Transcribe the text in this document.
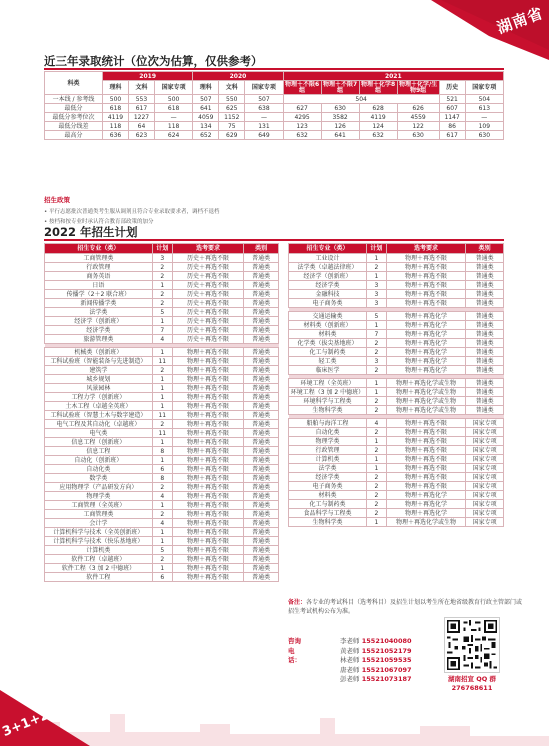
湖南省
3+1+2
近三年录取统计（位次为估算，仅供参考）
科类	2019			2020			2021					
	理科	文科	国家专项	理科	文科	国家专项	物理＋不限6组	物理＋不限7组	物理＋化学8组	物理＋化学/生物9组	历史	国家专项
一本线 / 参考线	500	553	500	507	550	507	504				521	504
最低分	618	617	618	641	625	638	627	630	628	626	607	613
最低分参考位次	4119	1227	—	4059	1152	—	4295	3582	4119	4559	1147	—
最低分线差	118	64	118	134	75	131	123	126	124	122	86	109
最高分	636	623	624	652	629	649	632	641	632	630	617	630
招生政策
• 平行志愿批次普通类考生服从调剂且符合专业录取要求者，调档不退档
• 按档和按专业时承认符合教育部政策的加分
2022 年招生计划
招生专业（类）	计划	选考要求	类别
工商管理类	3	历史＋再选不限	普通类
行政管理	2	历史＋再选不限	普通类
商务英语	2	历史＋再选不限	普通类
日语	1	历史＋再选不限	普通类
传播学（2＋2 联合班）	2	历史＋再选不限	普通类
新闻传播学类	2	历史＋再选不限	普通类
法学类	5	历史＋再选不限	普通类
经济学（创新班）	1	历史＋再选不限	普通类
经济学类	7	历史＋再选不限	普通类
旅游管理类	4	历史＋再选不限	普通类

机械类（创新班）	1	物理＋再选不限	普通类
工科试验班（智能装备与先进制造）	11	物理＋再选不限	普通类
建筑学	2	物理＋再选不限	普通类
城乡规划	1	物理＋再选不限	普通类
风景园林	1	物理＋再选不限	普通类
工程力学（创新班）	1	物理＋再选不限	普通类
土木工程（卓越全英班）	1	物理＋再选不限	普通类
工科试验班（智慧土木与数字建造）	11	物理＋再选不限	普通类
电气工程及其自动化（卓越班）	2	物理＋再选不限	普通类
电气类	11	物理＋再选不限	普通类
信息工程（创新班）	1	物理＋再选不限	普通类
信息工程	8	物理＋再选不限	普通类
自动化（创新班）	1	物理＋再选不限	普通类
自动化类	6	物理＋再选不限	普通类
数学类	8	物理＋再选不限	普通类
应用物理学（产品研发方向）	2	物理＋再选不限	普通类
物理学类	4	物理＋再选不限	普通类
工商管理（全英班）	1	物理＋再选不限	普通类
工商管理类	2	物理＋再选不限	普通类
会计学	4	物理＋再选不限	普通类
计算机科学与技术（全英创新班）	1	物理＋再选不限	普通类
计算机科学与技术（快乐基地班）	1	物理＋再选不限	普通类
计算机类	5	物理＋再选不限	普通类
软件工程（卓越班）	2	物理＋再选不限	普通类
软件工程（3 加 2 中德班）	1	物理＋再选不限	普通类
软件工程	6	物理＋再选不限	普通类
招生专业（类）	计划	选考要求	类别
工业设计	1	物理＋再选不限	普通类
法学类（卓越法律班）	2	物理＋再选不限	普通类
经济学（创新班）	1	物理＋再选不限	普通类
经济学类	3	物理＋再选不限	普通类
金融科技	3	物理＋再选不限	普通类
电子商务类	3	物理＋再选不限	普通类

交通运输类	5	物理＋再选化学	普通类
材料类（创新班）	1	物理＋再选化学	普通类
材料类	7	物理＋再选化学	普通类
化学类（拔尖基地班）	2	物理＋再选化学	普通类
化工与制药类	2	物理＋再选化学	普通类
轻工类	3	物理＋再选化学	普通类
临床医学	2	物理＋再选化学	普通类

环境工程（全英班）	1	物理＋再选化学或生物	普通类
环境工程（3 加 2 中德班）	1	物理＋再选化学或生物	普通类
环境科学与工程类	2	物理＋再选化学或生物	普通类
生物科学类	2	物理＋再选化学或生物	普通类

船舶与海洋工程	4	物理＋再选不限	国家专项
自动化类	2	物理＋再选不限	国家专项
物理学类	1	物理＋再选不限	国家专项
行政管理	2	物理＋再选不限	国家专项
计算机类	1	物理＋再选不限	国家专项
法学类	1	物理＋再选不限	国家专项
经济学类	2	物理＋再选不限	国家专项
电子商务类	2	物理＋再选不限	国家专项
材料类	2	物理＋再选化学	国家专项
化工与制药类	2	物理＋再选化学	国家专项
食品科学与工程类	2	物理＋再选化学	国家专项
生物科学类	1	物理＋再选化学或生物	国家专项
备注：各专业的考试科目（选考科目）及招生计划以考生所在地省级教育行政主管部门或招生考试机构公布为准。
咨询电话：
李老师 15521040080
黄老师 15521052179
林老师 15521059535
唐老师 15521067097
彭老师 15521073187	湖南招宣 QQ 群
276768611
